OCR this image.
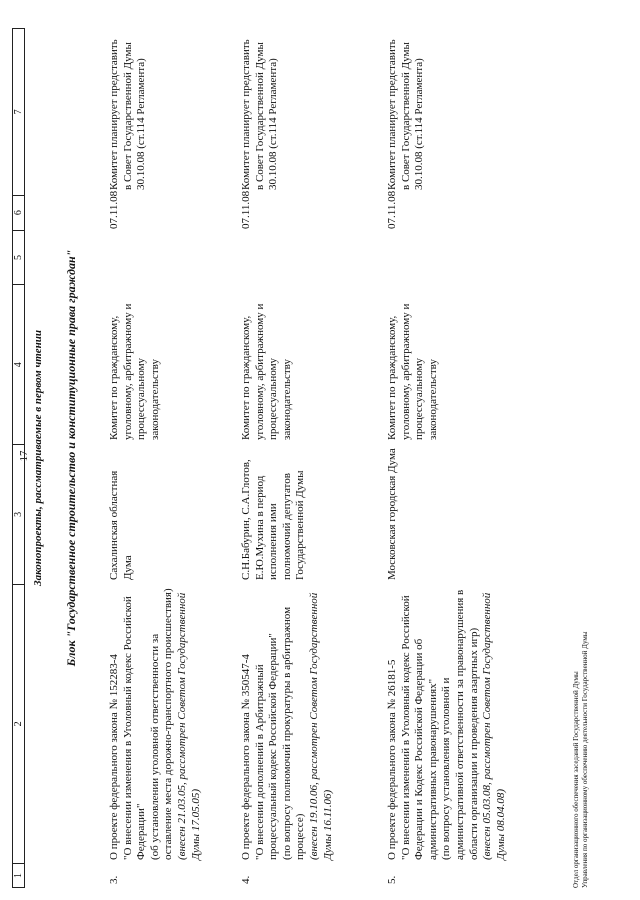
17
1
2
3
4
5
6
7
Законопроекты, рассматриваемые в первом чтении Блок "Государственное строительство и конституционные права граждан"
3.
О проекте федерального закона № 152283-4 "О внесении изменения в Уголовный кодекс Российской Федерации" (об установлении уголовной ответственности за оставление места дорожно-транспортного происшествия) (внесен 21.03.05, рассмотрен Советом Государственной Думы 17.05.05)
Сахалинская областная Дума
Комитет по гражданскому, уголовному, арбитражному и процессуальному законодательству
07.11.08
Комитет планирует представить в Совет Государственной Думы 30.10.08 (ст.114 Регламента)
4.
О проекте федерального закона № 350547-4 "О внесении дополнений в Арбитражный процессуальный кодекс Российской Федерации" (по вопросу полномочий прокуратуры в арбитражном процессе) (внесен 19.10.06, рассмотрен Советом Государственной Думы 16.11.06)
С.Н.Бабурин, С.А.Глотов, Е.Ю.Мухина в период исполнения ими полномочий депутатов Государственной Думы
Комитет по гражданскому, уголовному, арбитражному и процессуальному законодательству
07.11.08
Комитет планирует представить в Совет Государственной Думы 30.10.08 (ст.114 Регламента)
5.
О проекте федерального закона № 26181-5 "О внесении изменений в Уголовный кодекс Российской Федерации и Кодекс Российской Федерации об административных правонарушениях" (по вопросу установления уголовной и административной ответственности за правонарушения в области организации и проведения азартных игр) (внесен 05.03.08, рассмотрен Советом Государственной Думы 08.04.08)
Московская городская Дума
Комитет по гражданскому, уголовному, арбитражному и процессуальному законодательству
07.11.08
Комитет планирует представить в Совет Государственной Думы 30.10.08 (ст.114 Регламента)
Отдел организационного обеспечения заседаний Государственной Думы Управления по организационному обеспечению деятельности Государственной Думы
